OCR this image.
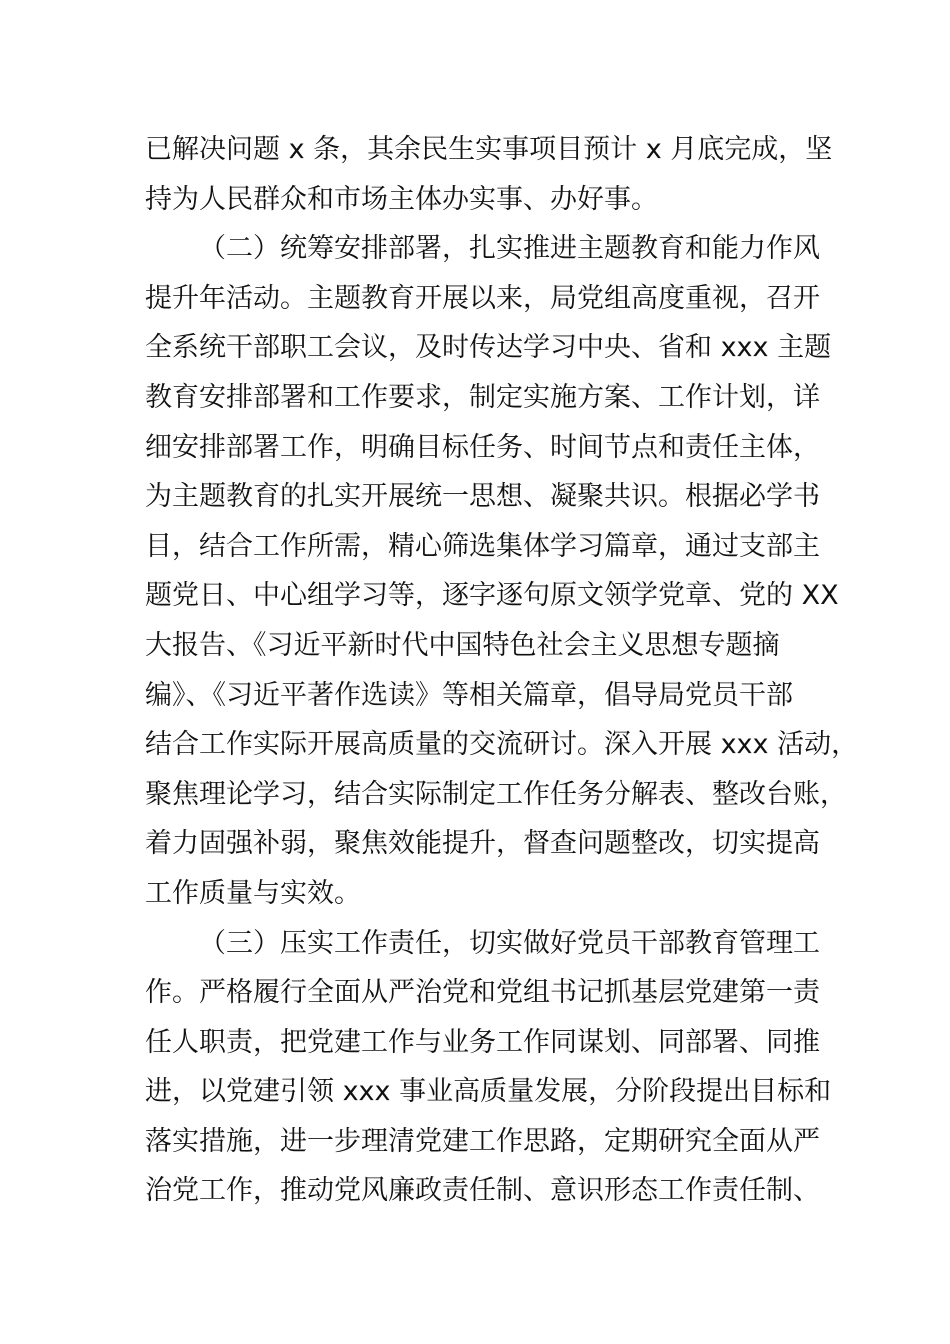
已解决问题 x 条，其余民生实事项目预计 x 月底完成，坚
持为人民群众和市场主体办实事、办好事。
（二）统筹安排部署，扎实推进主题教育和能力作风
提升年活动。主题教育开展以来，局党组高度重视，召开
全系统干部职工会议，及时传达学习中央、省和 xxx 主题
教育安排部署和工作要求，制定实施方案、工作计划，详
细安排部署工作，明确目标任务、时间节点和责任主体，
为主题教育的扎实开展统一思想、凝聚共识。根据必学书
目，结合工作所需，精心筛选集体学习篇章，通过支部主
题党日、中心组学习等，逐字逐句原文领学党章、党的 XX
大报告、《习近平新时代中国特色社会主义思想专题摘
编》、《习近平著作选读》等相关篇章，倡导局党员干部
结合工作实际开展高质量的交流研讨。深入开展 xxx 活动，
聚焦理论学习，结合实际制定工作任务分解表、整改台账，
着力固强补弱，聚焦效能提升，督查问题整改，切实提高
工作质量与实效。
（三）压实工作责任，切实做好党员干部教育管理工
作。严格履行全面从严治党和党组书记抓基层党建第一责
任人职责，把党建工作与业务工作同谋划、同部署、同推
进，以党建引领 xxx 事业高质量发展，分阶段提出目标和
落实措施，进一步理清党建工作思路，定期研究全面从严
治党工作，推动党风廉政责任制、意识形态工作责任制、
